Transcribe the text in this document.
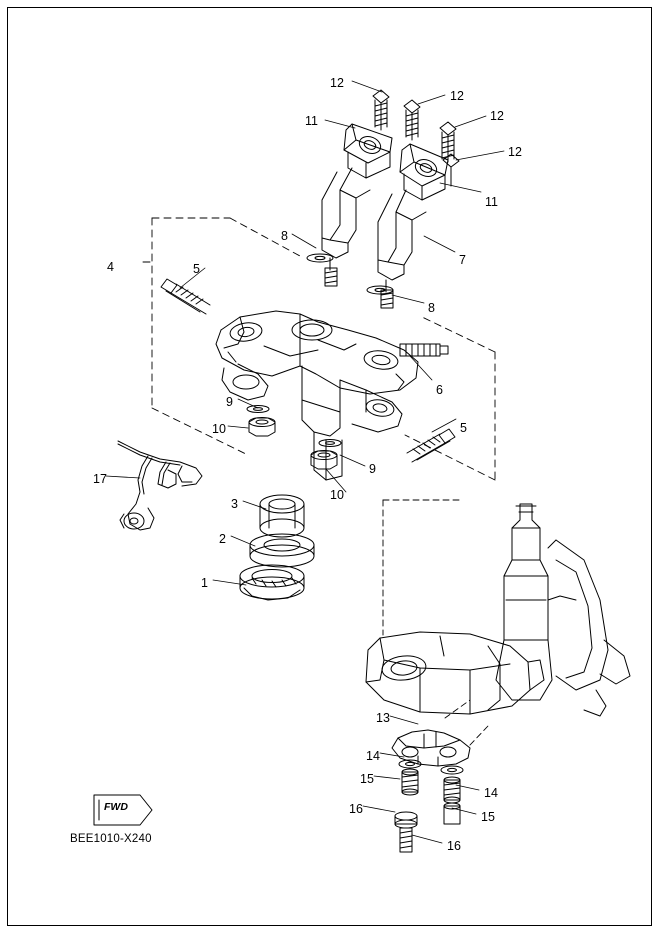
12
12
11	12
12
11
8
7
4	5
8
6
9
10	5
9
17
10
3
2
1
13
14
15
14
16
15
16
FWD
BEE1010-X240
